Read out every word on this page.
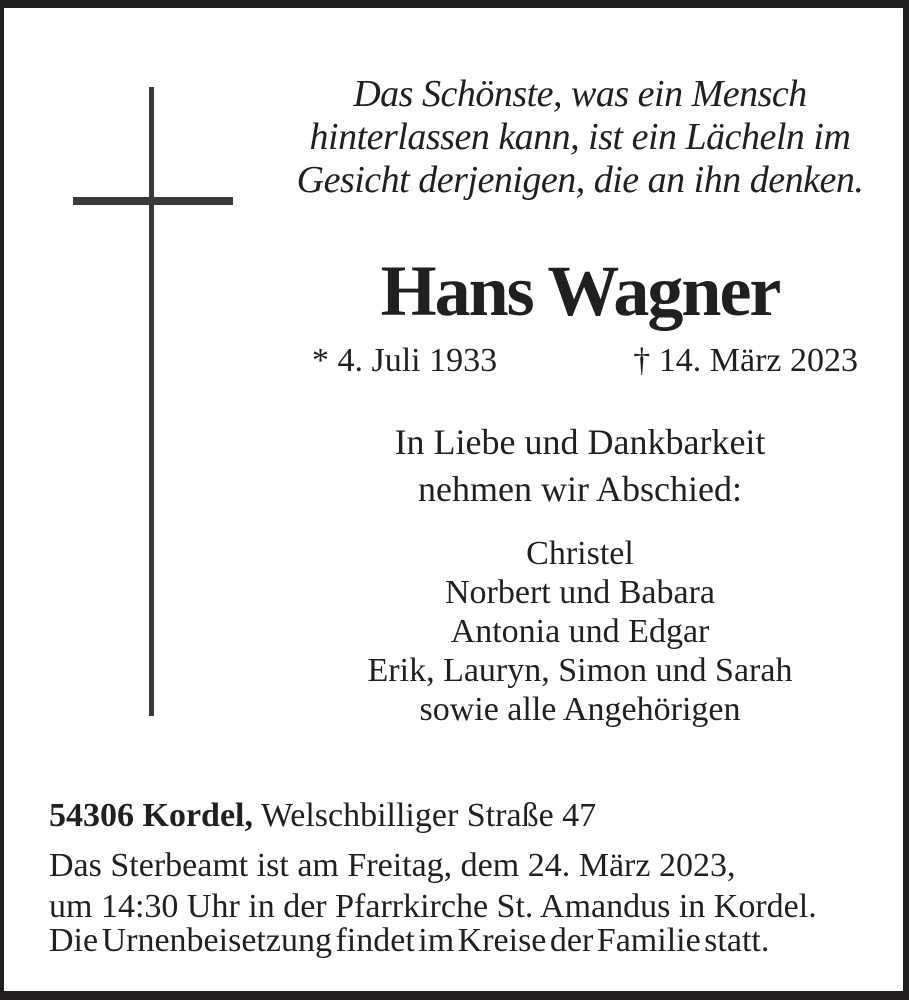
Das Schönste, was ein Mensch
hinterlassen kann, ist ein Lächeln im
Gesicht derjenigen, die an ihn denken.
Hans Wagner
* 4. Juli 1933	† 14. März 2023
In Liebe und Dankbarkeit
nehmen wir Abschied:
Christel
Norbert und Babara
Antonia und Edgar
Erik, Lauryn, Simon und Sarah
sowie alle Angehörigen
54306 Kordel, Welschbilliger Straße 47
Das Sterbeamt ist am Freitag, dem 24. März 2023,
um 14:30 Uhr in der Pfarrkirche St. Amandus in Kordel.
Die Urnenbeisetzung findet im Kreise der Familie statt.
